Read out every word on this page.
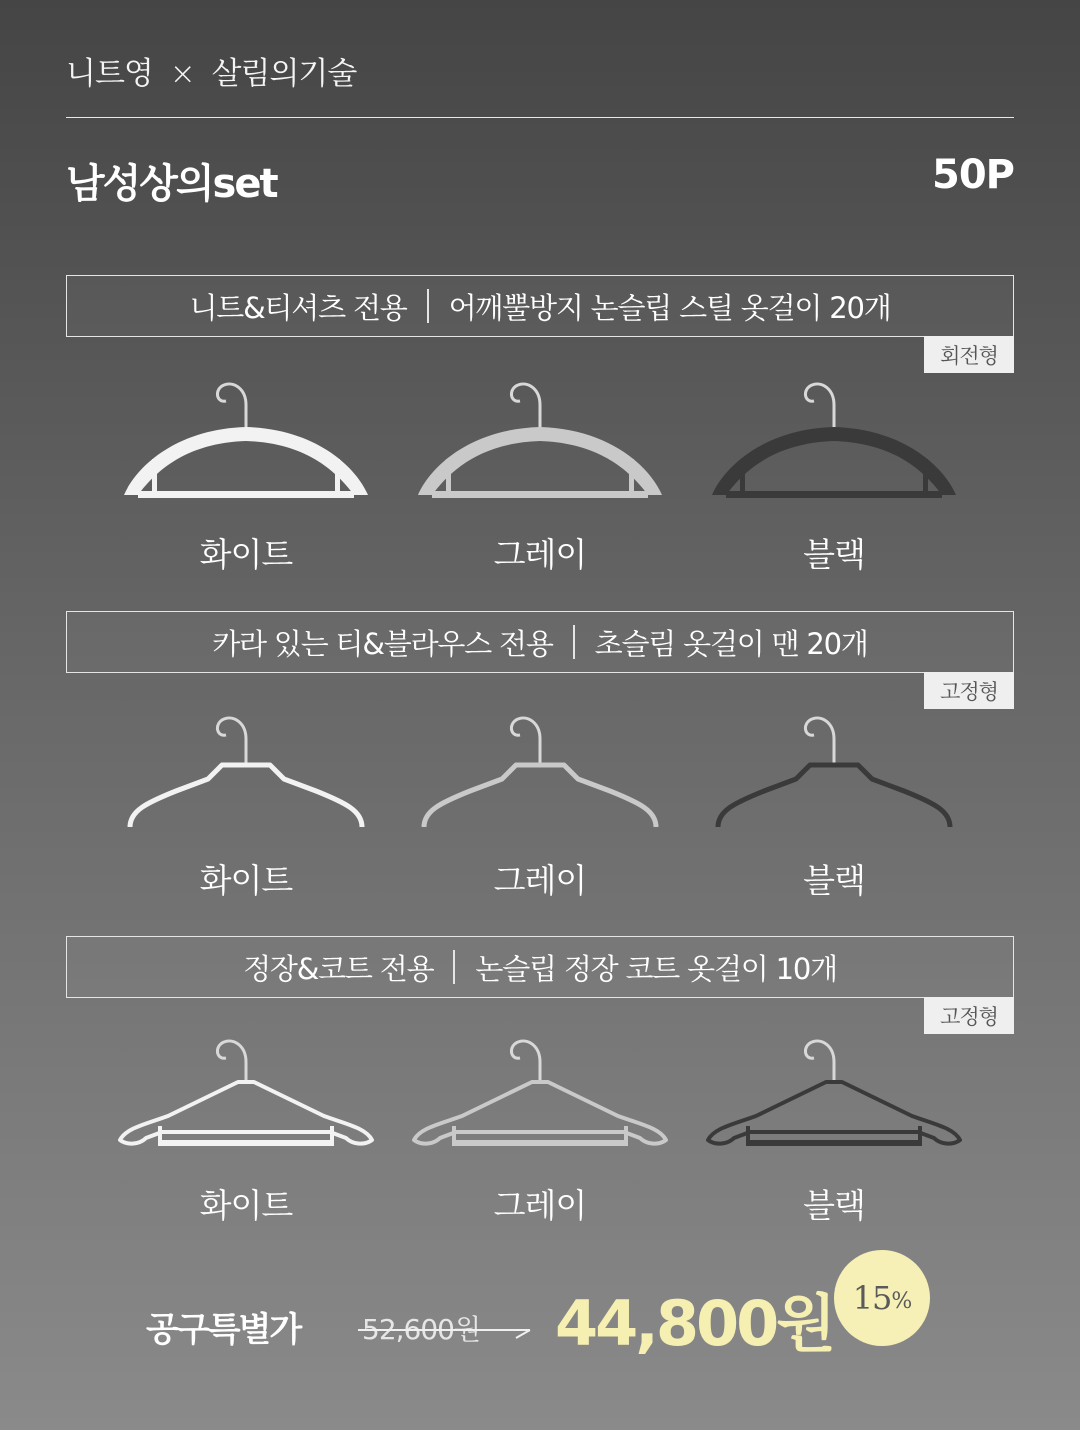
니트영 × 살림의기술
남성상의set	50P
니트&티셔츠 전용 어깨뿔방지 논슬립 스틸 옷걸이 20개
회전형
화이트	그레이	블랙
카라 있는 티&블라우스 전용 초슬림 옷걸이 맨 20개
고정형
화이트	그레이	블랙
정장&코트 전용 논슬립 정장 코트 옷걸이 10개
고정형
화이트	그레이	블랙
공구특별가 52,600원 44,800원 15 %
